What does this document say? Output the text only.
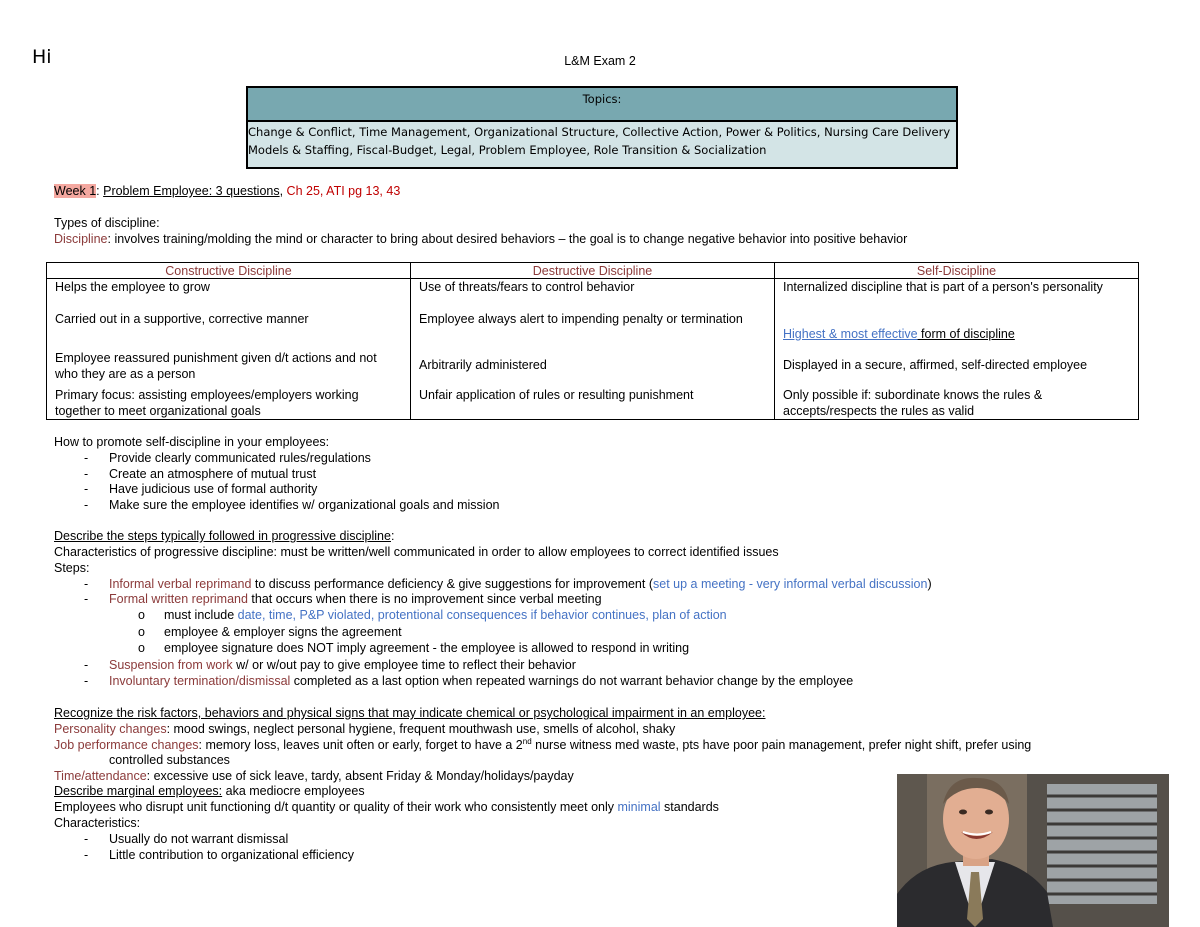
Hi	L&M Exam 2
Topics:
Change & Conflict, Time Management, Organizational Structure, Collective Action, Power & Politics, Nursing Care Delivery
Models & Staffing, Fiscal-Budget, Legal, Problem Employee, Role Transition & Socialization
Week 1: Problem Employee: 3 questions, Ch 25, ATI pg 13, 43
Types of discipline:
Discipline: involves training/molding the mind or character to bring about desired behaviors – the goal is to change negative behavior into positive behavior
Constructive Discipline	Destructive Discipline	Self-Discipline
Helps the employee to grow	Use of threats/fears to control behavior	Internalized discipline that is part of a person's personality
Carried out in a supportive, corrective manner	Employee always alert to impending penalty or termination	Highest & most effective form of discipline
Employee reassured punishment given d/t actions and not who they are as a person	Arbitrarily administered	Displayed in a secure, affirmed, self-directed employee
Primary focus: assisting employees/employers working together to meet organizational goals	Unfair application of rules or resulting punishment	Only possible if: subordinate knows the rules & accepts/respects the rules as valid
How to promote self-discipline in your employees:
- Provide clearly communicated rules/regulations
- Create an atmosphere of mutual trust
- Have judicious use of formal authority
- Make sure the employee identifies w/ organizational goals and mission
Describe the steps typically followed in progressive discipline:
Characteristics of progressive discipline: must be written/well communicated in order to allow employees to correct identified issues
Steps:
- Informal verbal reprimand to discuss performance deficiency & give suggestions for improvement (set up a meeting - very informal verbal discussion)
- Formal written reprimand that occurs when there is no improvement since verbal meeting
o must include date, time, P&P violated, protentional consequences if behavior continues, plan of action
o employee & employer signs the agreement
o employee signature does NOT imply agreement - the employee is allowed to respond in writing
- Suspension from work w/ or w/out pay to give employee time to reflect their behavior
- Involuntary termination/dismissal completed as a last option when repeated warnings do not warrant behavior change by the employee
Recognize the risk factors, behaviors and physical signs that may indicate chemical or psychological impairment in an employee:
Personality changes: mood swings, neglect personal hygiene, frequent mouthwash use, smells of alcohol, shaky
Job performance changes: memory loss, leaves unit often or early, forget to have a 2nd nurse witness med waste, pts have poor pain management, prefer night shift, prefer using
controlled substances
Time/attendance: excessive use of sick leave, tardy, absent Friday & Monday/holidays/payday
Describe marginal employees: aka mediocre employees
Employees who disrupt unit functioning d/t quantity or quality of their work who consistently meet only minimal standards
Characteristics:
- Usually do not warrant dismissal
- Little contribution to organizational efficiency
